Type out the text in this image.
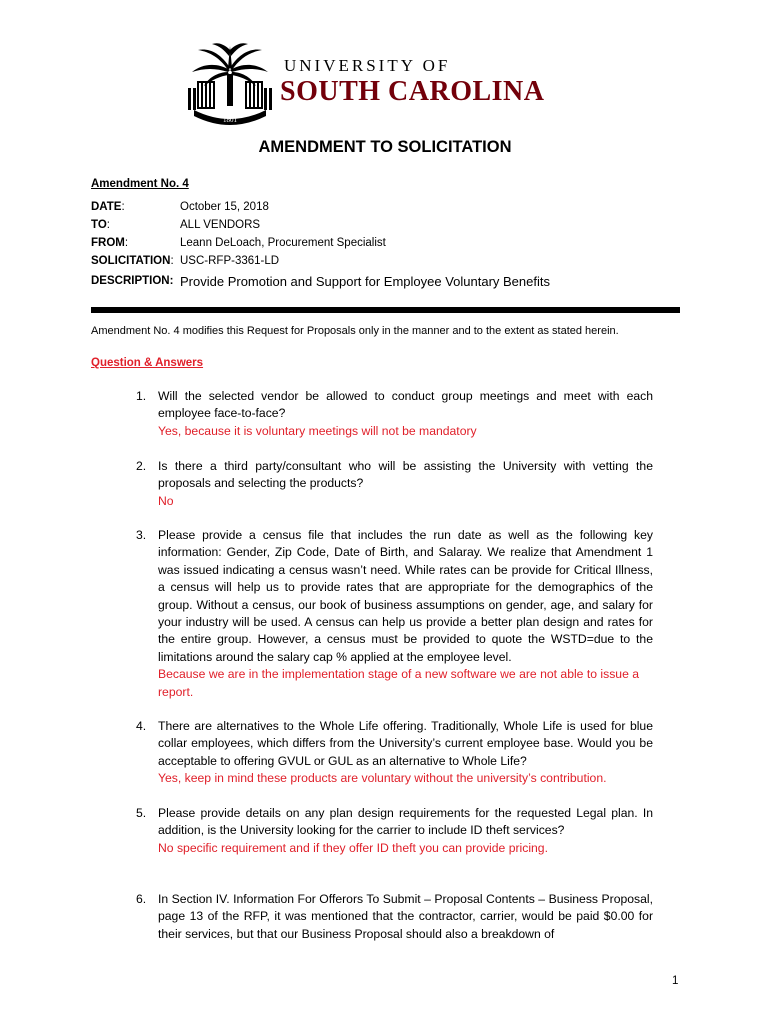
1801
UNIVERSITY OF
SOUTH CAROLINA
AMENDMENT TO SOLICITATION
Amendment No. 4
DATE:	October 15, 2018
TO:	ALL VENDORS
FROM:	Leann DeLoach, Procurement Specialist
SOLICITATION: USC-RFP-3361-LD
DESCRIPTION: Provide Promotion and Support for Employee Voluntary Benefits
Amendment No. 4 modifies this Request for Proposals only in the manner and to the extent as stated herein.
Question & Answers
1. Will the selected vendor be allowed to conduct group meetings and meet with each employee face-to-face?
Yes, because it is voluntary meetings will not be mandatory
2. Is there a third party/consultant who will be assisting the University with vetting the proposals and selecting the products?
No
3. Please provide a census file that includes the run date as well as the following key information: Gender, Zip Code, Date of Birth, and Salaray. We realize that Amendment 1 was issued indicating a census wasn’t need. While rates can be provide for Critical Illness, a census will help us to provide rates that are appropriate for the demographics of the group. Without a census, our book of business assumptions on gender, age, and salary for your industry will be used. A census can help us provide a better plan design and rates for the entire group. However, a census must be provided to quote the WSTD=due to the limitations around the salary cap % applied at the employee level.
Because we are in the implementation stage of a new software we are not able to issue a report.
4. There are alternatives to the Whole Life offering. Traditionally, Whole Life is used for blue collar employees, which differs from the University’s current employee base. Would you be acceptable to offering GVUL or GUL as an alternative to Whole Life?
Yes, keep in mind these products are voluntary without the university’s contribution.
5. Please provide details on any plan design requirements for the requested Legal plan. In addition, is the University looking for the carrier to include ID theft services?
No specific requirement and if they offer ID theft you can provide pricing.
6. In Section IV. Information For Offerors To Submit – Proposal Contents – Business Proposal, page 13 of the RFP, it was mentioned that the contractor, carrier, would be paid $0.00 for their services, but that our Business Proposal should also a breakdown of
1
